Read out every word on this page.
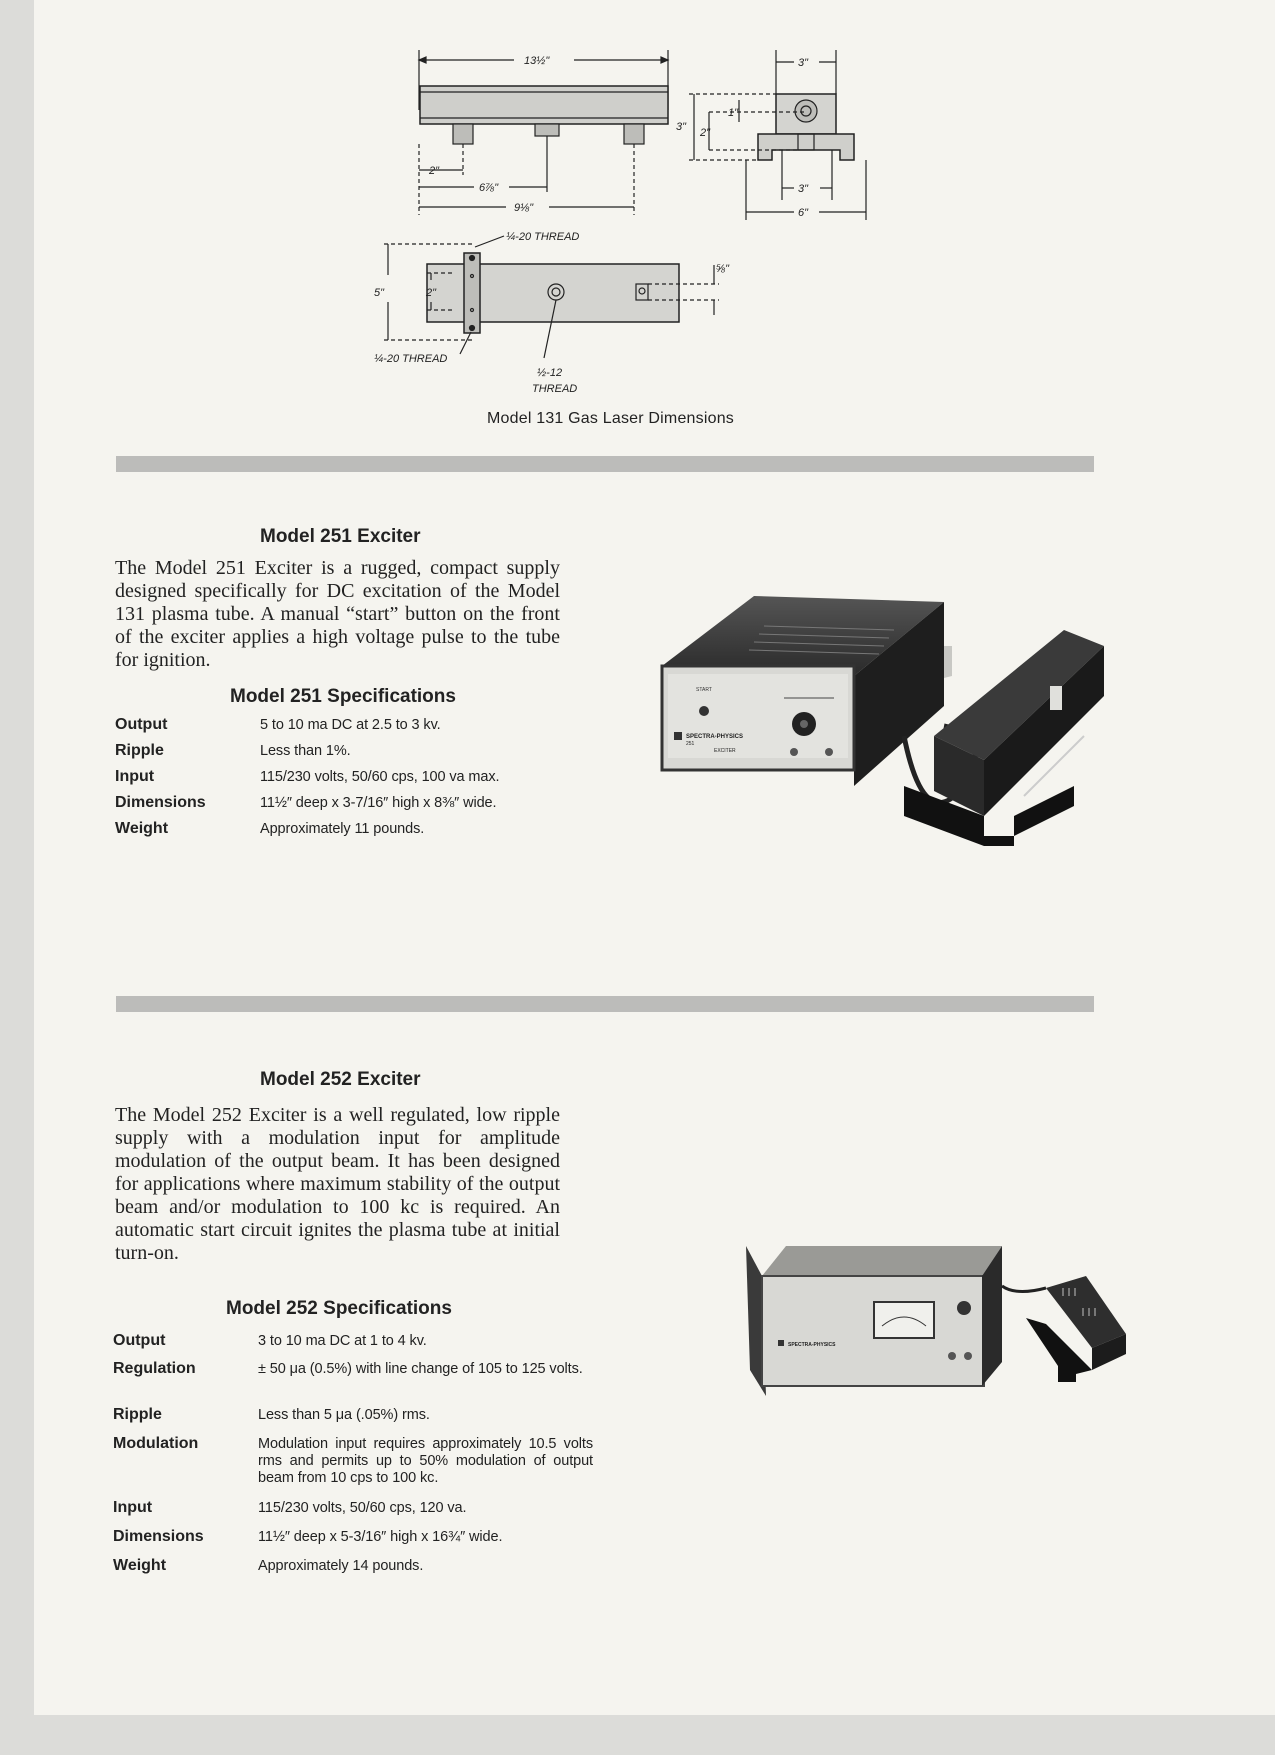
13½"
2"
6⅞"
9⅛"
3"
3" 2"
1"
3"
6"
¼-20 THREAD
¼-20 THREAD
5"	2"
⅝"
½-12
THREAD
Model 131 Gas Laser Dimensions
Model 251 Exciter
The Model 251 Exciter is a rugged, compact supply designed specifically for DC excitation of the Model 131 plasma tube. A manual “start” button on the front of the exciter applies a high voltage pulse to the tube for ignition.
Model 251 Specifications
Output	5 to 10 ma DC at 2.5 to 3 kv.
Ripple	Less than 1%.
Input	115/230 volts, 50/60 cps, 100 va max.
Dimensions	11½″ deep x 3-7/16″ high x 8⅜″ wide.
Weight	Approximately 11 pounds.
START
SPECTRA-PHYSICS
251
EXCITER
Model 252 Exciter
The Model 252 Exciter is a well regulated, low ripple supply with a modulation input for amplitude modulation of the output beam. It has been designed for applications where maximum stability of the output beam and/or modulation to 100 kc is required. An automatic start circuit ignites the plasma tube at initial turn-on.
Model 252 Specifications
Output	3 to 10 ma DC at 1 to 4 kv.
Regulation	± 50 μa (0.5%) with line change of 105 to 125 volts.
Ripple	Less than 5 μa (.05%) rms.
Modulation	Modulation input requires approximately 10.5 volts rms and permits up to 50% modulation of output beam from 10 cps to 100 kc.
Input	115/230 volts, 50/60 cps, 120 va.
Dimensions	11½″ deep x 5-3/16″ high x 16¾″ wide.
Weight	Approximately 14 pounds.
SPECTRA-PHYSICS
